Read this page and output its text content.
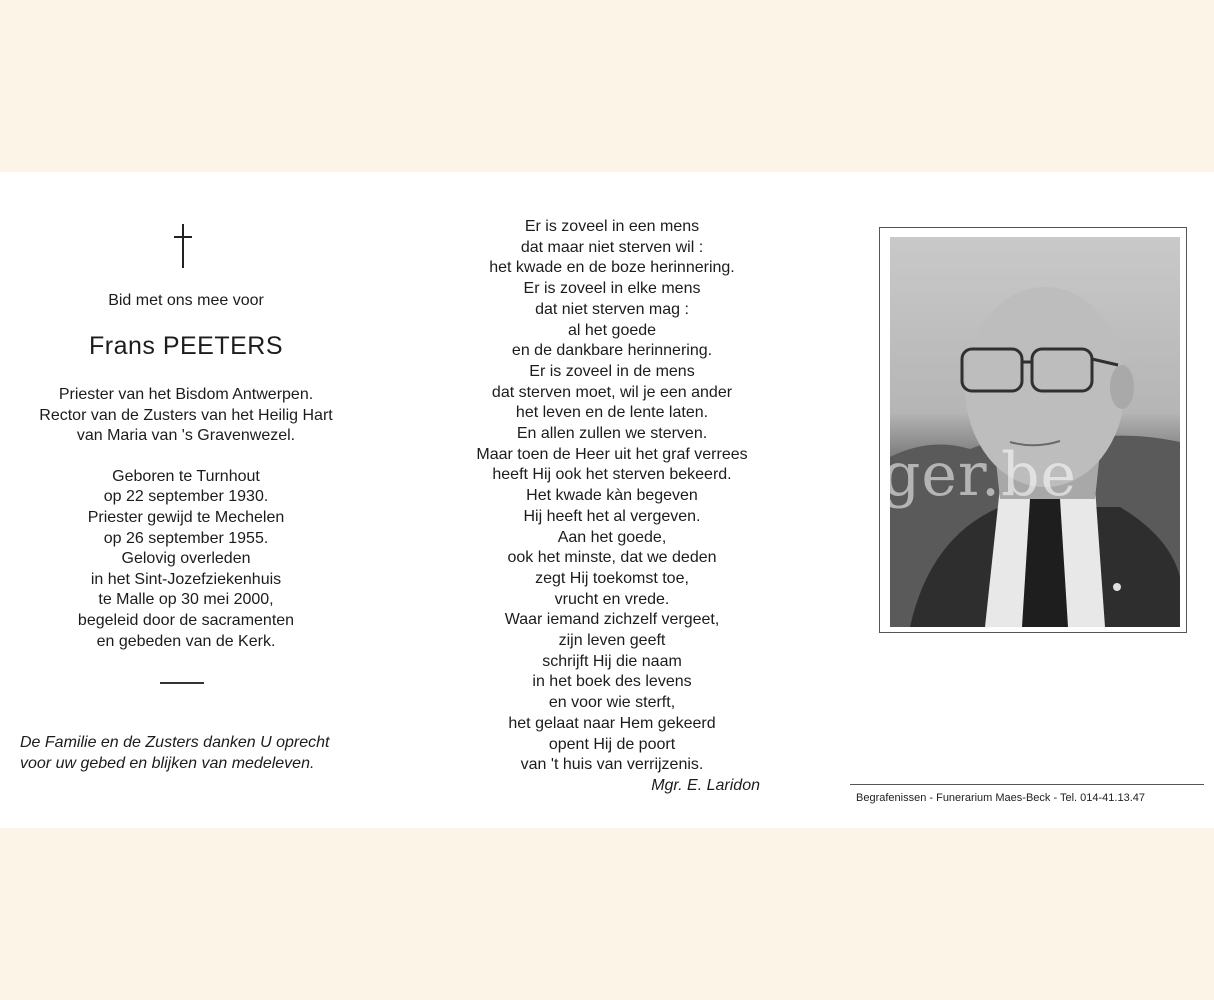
Bid met ons mee voor
Frans PEETERS
Priester van het Bisdom Antwerpen.
Rector van de Zusters van het Heilig Hart
van Maria van 's Gravenwezel.
Geboren te Turnhout
op 22 september 1930.
Priester gewijd te Mechelen
op 26 september 1955.
Gelovig overleden
in het Sint-Jozefziekenhuis
te Malle op 30 mei 2000,
begeleid door de sacramenten
en gebeden van de Kerk.
De Familie en de Zusters danken U oprecht
voor uw gebed en blijken van medeleven.
Er is zoveel in een mens
dat maar niet sterven wil :
het kwade en de boze herinnering.
Er is zoveel in elke mens
dat niet sterven mag :
al het goede
en de dankbare herinnering.
Er is zoveel in de mens
dat sterven moet, wil je een ander
het leven en de lente laten.
En allen zullen we sterven.
Maar toen de Heer uit het graf verrees
heeft Hij ook het sterven bekeerd.
Het kwade kàn begeven
Hij heeft het al vergeven.
Aan het goede,
ook het minste, dat we deden
zegt Hij toekomst toe,
vrucht en vrede.
Waar iemand zichzelf vergeet,
zijn leven geeft
schrijft Hij die naam
in het boek des levens
en voor wie sterft,
het gelaat naar Hem gekeerd
opent Hij de poort
van 't huis van verrijzenis.
Mgr. E. Laridon
ger.be
Begrafenissen - Funerarium Maes-Beck - Tel. 014-41.13.47
